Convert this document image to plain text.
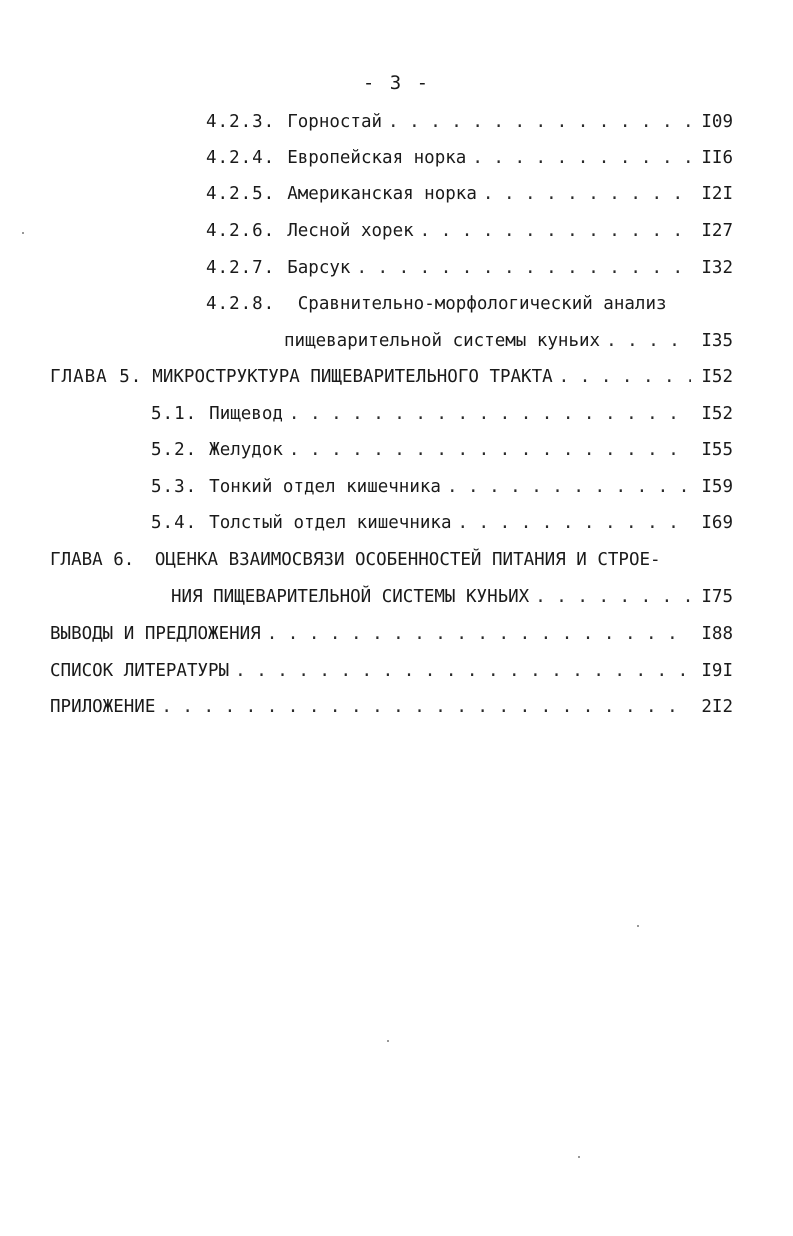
- 3 -
4.2.3. Горностай . . .	I09
4.2.4. Европейская норка . . .	II6
4.2.5. Американская норка . . .	I2I
4.2.6. Лесной хорек . . .	I27
4.2.7. Барсук . . .	I32
4.2.8. Сравнительно-морфологический анализ
пищеварительной системы куньих . . .	I35
ГЛАВА 5. МИКРОСТРУКТУРА ПИЩЕВАРИТЕЛЬНОГО ТРАКТА . . .	I52
5.1. Пищевод . . .	I52
5.2. Желудок . . .	I55
5.3. Тонкий отдел кишечника . . .	I59
5.4. Толстый отдел кишечника . . .	I69
ГЛАВА 6. ОЦЕНКА ВЗАИМОСВЯЗИ ОСОБЕННОСТЕЙ ПИТАНИЯ И СТРОЕ-
НИЯ ПИЩЕВАРИТЕЛЬНОЙ СИСТЕМЫ КУНЬИХ . . .	I75
ВЫВОДЫ И ПРЕДЛОЖЕНИЯ . . .	I88
СПИСОК ЛИТЕРАТУРЫ . . .	I9I
ПРИЛОЖЕНИЕ . . .	2I2
